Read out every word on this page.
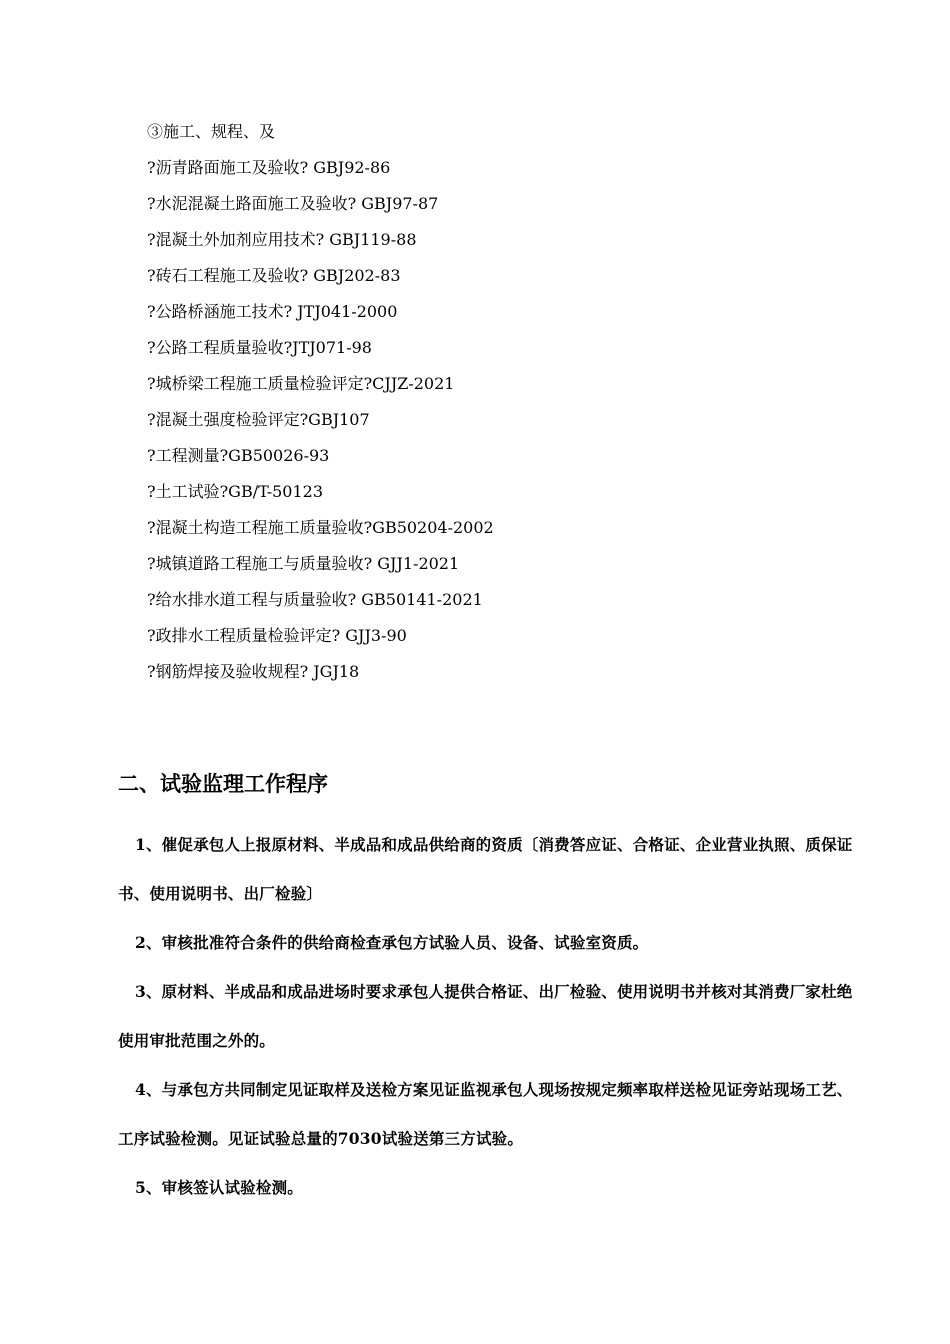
③施工、规程、及
?沥青路面施工及验收? GBJ92-86
?水泥混凝土路面施工及验收? GBJ97-87
?混凝土外加剂应用技术? GBJ119-88
?砖石工程施工及验收? GBJ202-83
?公路桥涵施工技术? JTJ041-2000
?公路工程质量验收?JTJ071-98
?城桥梁工程施工质量检验评定?CJJZ-2021
?混凝土强度检验评定?GBJ107
?工程测量?GB50026-93
?土工试验?GB/T-50123
?混凝土构造工程施工质量验收?GB50204-2002
?城镇道路工程施工与质量验收? GJJ1-2021
?给水排水道工程与质量验收? GB50141-2021
?政排水工程质量检验评定? GJJ3-90
?钢筋焊接及验收规程? JGJ18
二、试验监理工作程序
1、催促承包人上报原材料、半成品和成品供给商的资质〔消费答应证、合格证、企业营业执照、质保证书、使用说明书、出厂检验〕
2、审核批准符合条件的供给商检查承包方试验人员、设备、试验室资质。
3、原材料、半成品和成品进场时要求承包人提供合格证、出厂检验、使用说明书并核对其消费厂家杜绝使用审批范围之外的。
4、与承包方共同制定见证取样及送检方案见证监视承包人现场按规定频率取样送检见证旁站现场工艺、工序试验检测。见证试验总量的7030试验送第三方试验。
5、审核签认试验检测。
